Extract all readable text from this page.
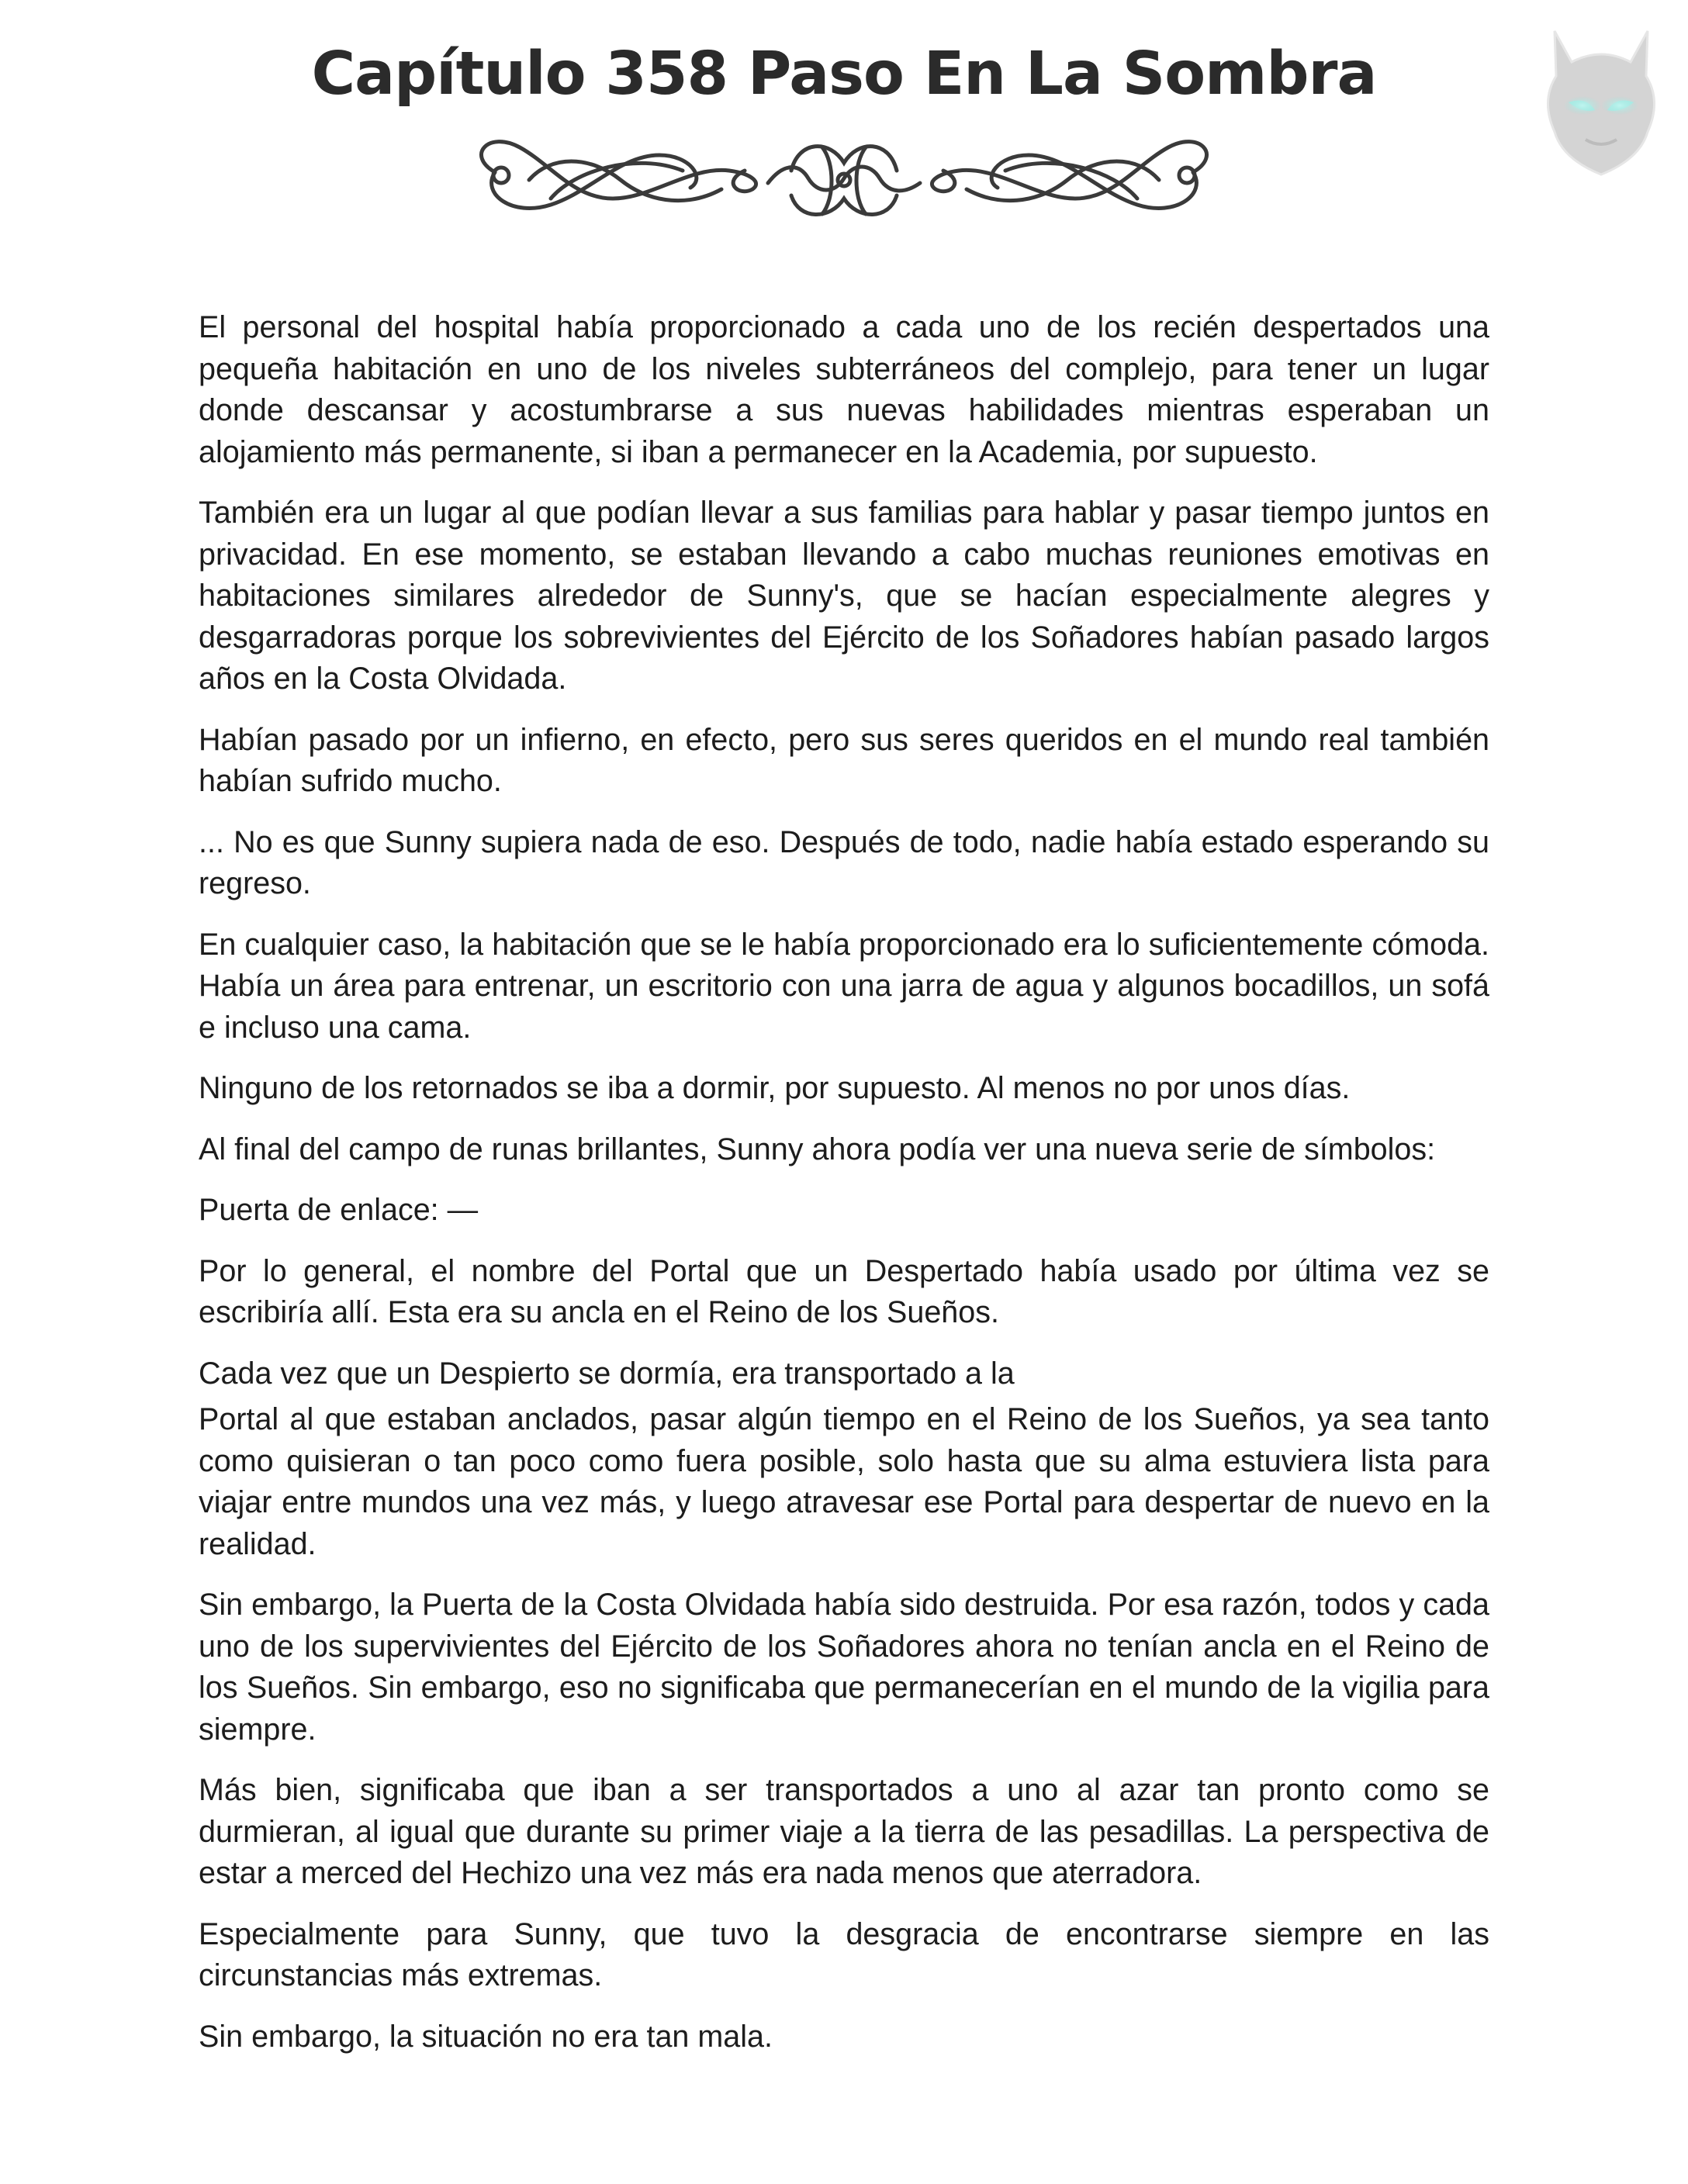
Capítulo 358 Paso En La Sombra

El personal del hospital había proporcionado a cada uno de los recién despertados una pequeña habitación en uno de los niveles subterráneos del complejo, para tener un lugar donde descansar y acostumbrarse a sus nuevas habilidades mientras esperaban un alojamiento más permanente, si iban a permanecer en la Academia, por supuesto.

También era un lugar al que podían llevar a sus familias para hablar y pasar tiempo juntos en privacidad. En ese momento, se estaban llevando a cabo muchas reuniones emotivas en habitaciones similares alrededor de Sunny's, que se hacían especialmente alegres y desgarradoras porque los sobrevivientes del Ejército de los Soñadores habían pasado largos años en la Costa Olvidada.

Habían pasado por un infierno, en efecto, pero sus seres queridos en el mundo real también habían sufrido mucho.

... No es que Sunny supiera nada de eso. Después de todo, nadie había estado esperando su regreso.

En cualquier caso, la habitación que se le había proporcionado era lo suficientemente cómoda. Había un área para entrenar, un escritorio con una jarra de agua y algunos bocadillos, un sofá e incluso una cama.

Ninguno de los retornados se iba a dormir, por supuesto. Al menos no por unos días.

Al final del campo de runas brillantes, Sunny ahora podía ver una nueva serie de símbolos:

Puerta de enlace: —

Por lo general, el nombre del Portal que un Despertado había usado por última vez se escribiría allí. Esta era su ancla en el Reino de los Sueños.

Cada vez que un Despierto se dormía, era transportado a la

Portal al que estaban anclados, pasar algún tiempo en el Reino de los Sueños, ya sea tanto como quisieran o tan poco como fuera posible, solo hasta que su alma estuviera lista para viajar entre mundos una vez más, y luego atravesar ese Portal para despertar de nuevo en la realidad.

Sin embargo, la Puerta de la Costa Olvidada había sido destruida. Por esa razón, todos y cada uno de los supervivientes del Ejército de los Soñadores ahora no tenían ancla en el Reino de los Sueños. Sin embargo, eso no significaba que permanecerían en el mundo de la vigilia para siempre.

Más bien, significaba que iban a ser transportados a uno al azar tan pronto como se durmieran, al igual que durante su primer viaje a la tierra de las pesadillas. La perspectiva de estar a merced del Hechizo una vez más era nada menos que aterradora.

Especialmente para Sunny, que tuvo la desgracia de encontrarse siempre en las circunstancias más extremas.

Sin embargo, la situación no era tan mala.
